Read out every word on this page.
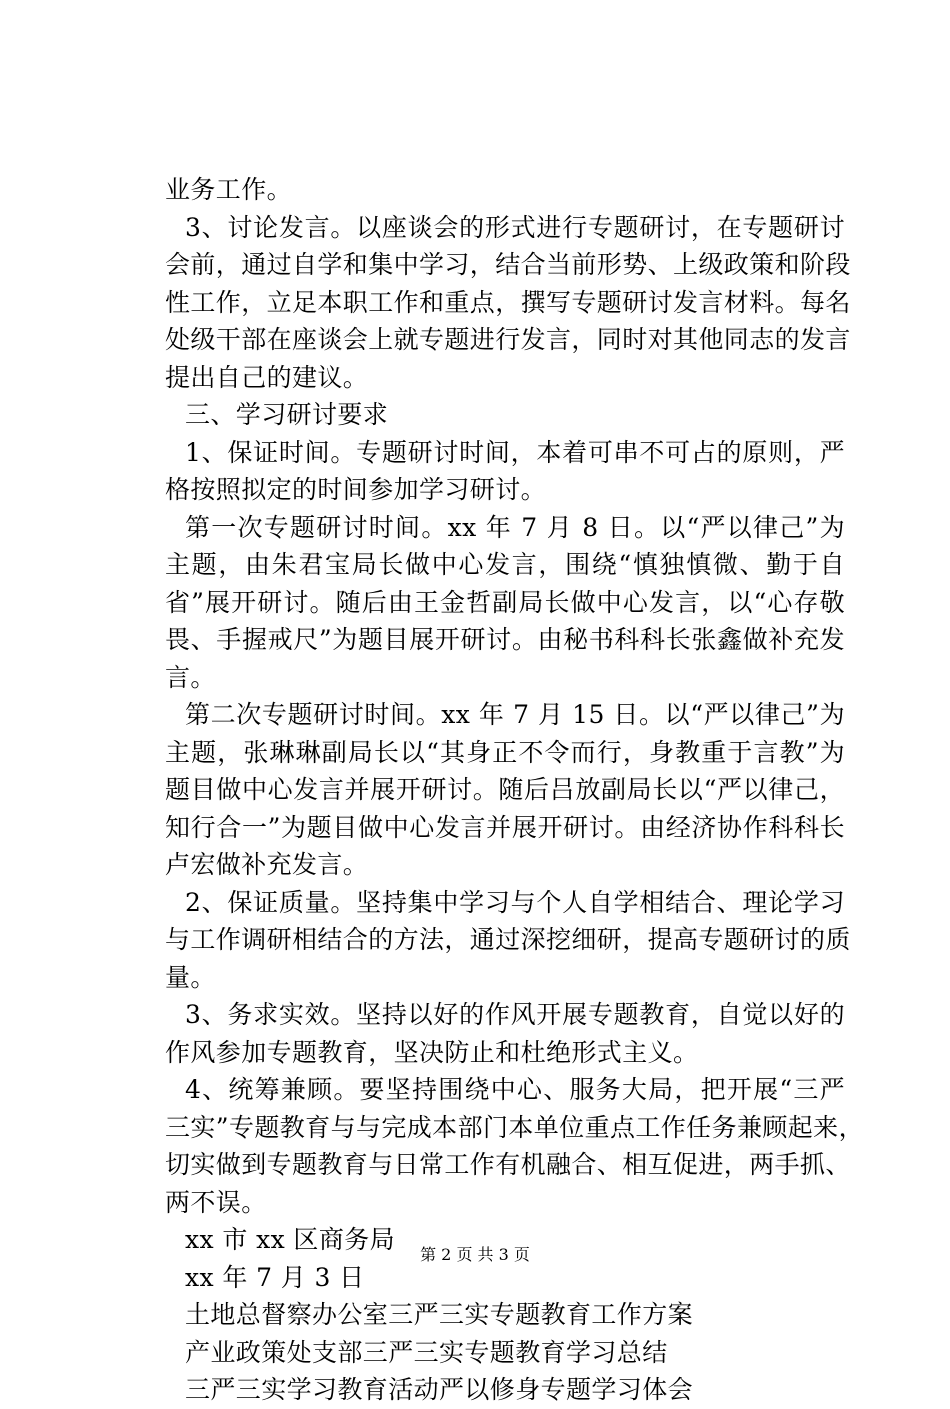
业务工作。
3、讨论发言。以座谈会的形式进行专题研讨，在专题研讨
会前，通过自学和集中学习，结合当前形势、上级政策和阶段
性工作，立足本职工作和重点，撰写专题研讨发言材料。每名
处级干部在座谈会上就专题进行发言，同时对其他同志的发言
提出自己的建议。
三、学习研讨要求
1、保证时间。专题研讨时间，本着可串不可占的原则，严
格按照拟定的时间参加学习研讨。
第一次专题研讨时间。xx 年 7 月 8 日。以“严以律己”为
主题，由朱君宝局长做中心发言，围绕“慎独慎微、勤于自
省”展开研讨。随后由王金哲副局长做中心发言，以“心存敬
畏、手握戒尺”为题目展开研讨。由秘书科科长张鑫做补充发
言。
第二次专题研讨时间。xx 年 7 月 15 日。以“严以律己”为
主题，张琳琳副局长以“其身正不令而行，身教重于言教”为
题目做中心发言并展开研讨。随后吕放副局长以“严以律己，
知行合一”为题目做中心发言并展开研讨。由经济协作科科长
卢宏做补充发言。
2、保证质量。坚持集中学习与个人自学相结合、理论学习
与工作调研相结合的方法，通过深挖细研，提高专题研讨的质
量。
3、务求实效。坚持以好的作风开展专题教育，自觉以好的
作风参加专题教育，坚决防止和杜绝形式主义。
4、统筹兼顾。要坚持围绕中心、服务大局，把开展“三严
三实”专题教育与与完成本部门本单位重点工作任务兼顾起来，
切实做到专题教育与日常工作有机融合、相互促进，两手抓、
两不误。
xx 市 xx 区商务局
xx 年 7 月 3 日
土地总督察办公室三严三实专题教育工作方案
产业政策处支部三严三实专题教育学习总结
三严三实学习教育活动严以修身专题学习体会
第 2 页 共 3 页
